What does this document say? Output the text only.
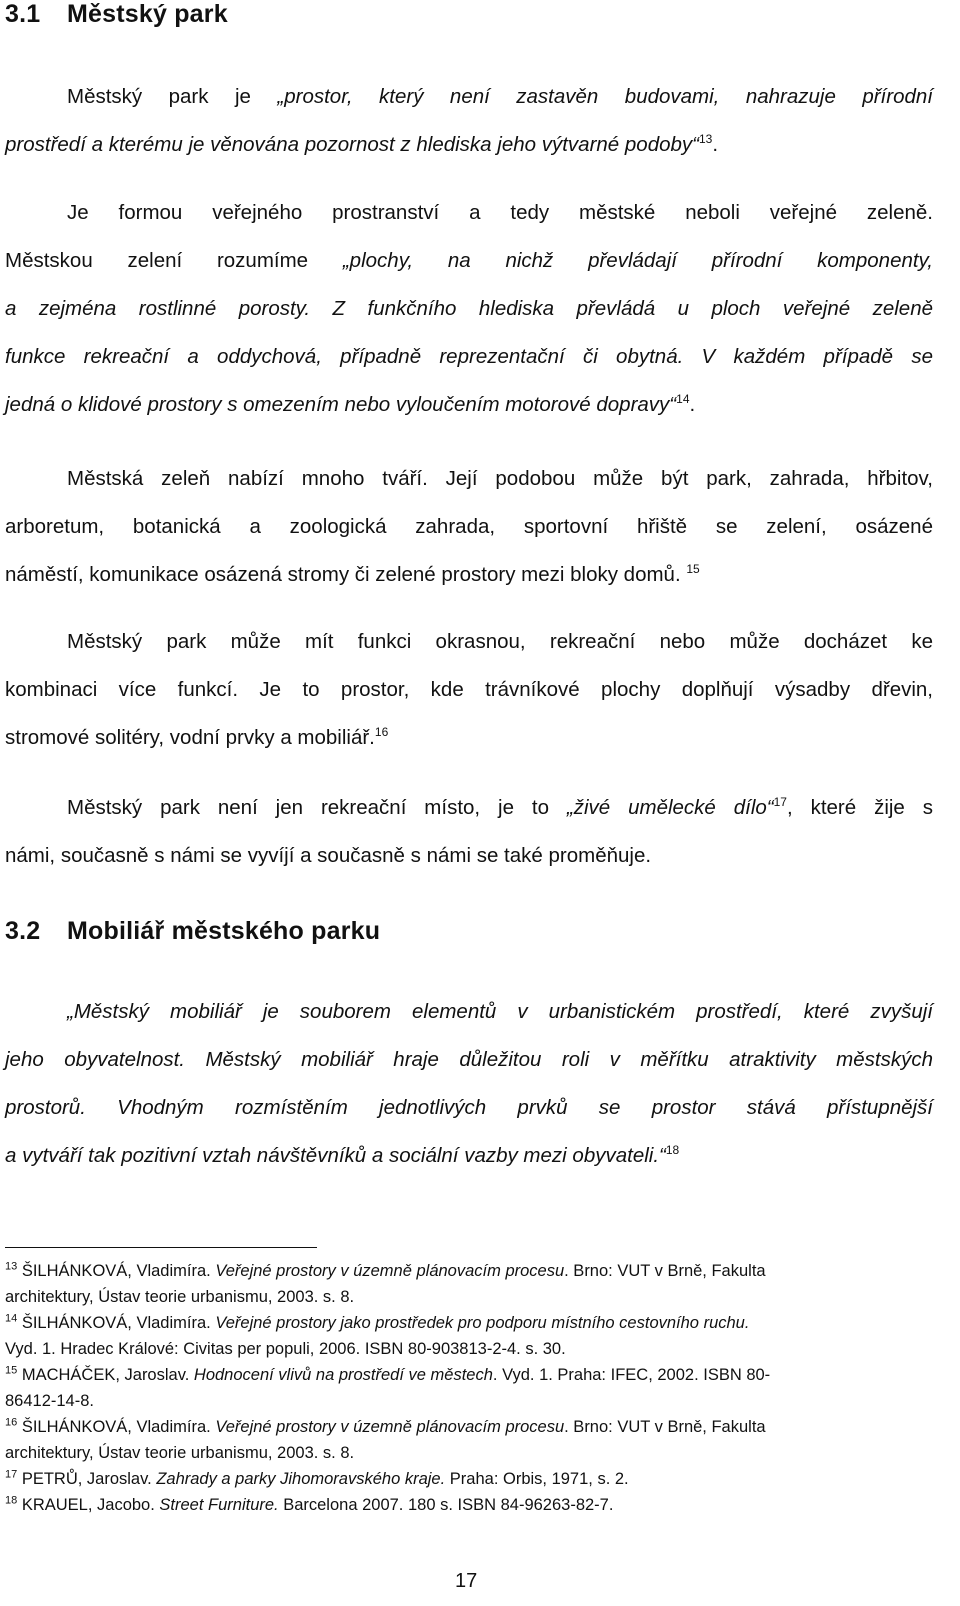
3.1 Městský park
Městský park je „prostor, který není zastavěn budovami, nahrazuje přírodní
prostředí a kterému je věnována pozornost z hlediska jeho výtvarné podoby“$^{13}$.
Je formou veřejného prostranství a tedy městské neboli veřejné zeleně.
Městskou zelení rozumíme „plochy, na nichž převládají přírodní komponenty,
a zejména rostlinné porosty. Z funkčního hlediska převládá u ploch veřejné zeleně
funkce rekreační a oddychová, případně reprezentační či obytná. V každém případě se
jedná o klidové prostory s omezením nebo vyloučením motorové dopravy“$^{14}$.
Městská zeleň nabízí mnoho tváří. Její podobou může být park, zahrada, hřbitov,
arboretum, botanická a zoologická zahrada, sportovní hřiště se zelení, osázené
náměstí, komunikace osázená stromy či zelené prostory mezi bloky domů. $^{15}$
Městský park může mít funkci okrasnou, rekreační nebo může docházet ke
kombinaci více funkcí. Je to prostor, kde trávníkové plochy doplňují výsadby dřevin,
stromové solitéry, vodní prvky a mobiliář.$^{16}$
Městský park není jen rekreační místo, je to „živé umělecké dílo“$^{17}$, které žije s
námi, současně s námi se vyvíjí a současně s námi se také proměňuje.
3.2 Mobiliář městského parku
„Městský mobiliář je souborem elementů v urbanistickém prostředí, které zvyšují
jeho obyvatelnost. Městský mobiliář hraje důležitou roli v měřítku atraktivity městských
prostorů. Vhodným rozmístěním jednotlivých prvků se prostor stává přístupnější
a vytváří tak pozitivní vztah návštěvníků a sociální vazby mezi obyvateli.“$^{18}$
$^{13}$ ŠILHÁNKOVÁ, Vladimíra. Veřejné prostory v územně plánovacím procesu. Brno: VUT v Brně, Fakulta
architektury, Ústav teorie urbanismu, 2003. s. 8.
$^{14}$ ŠILHÁNKOVÁ, Vladimíra. Veřejné prostory jako prostředek pro podporu místního cestovního ruchu.
Vyd. 1. Hradec Králové: Civitas per populi, 2006. ISBN 80-903813-2-4. s. 30.
$^{15}$ MACHÁČEK, Jaroslav. Hodnocení vlivů na prostředí ve městech. Vyd. 1. Praha: IFEC, 2002. ISBN 80-
86412-14-8.
$^{16}$ ŠILHÁNKOVÁ, Vladimíra. Veřejné prostory v územně plánovacím procesu. Brno: VUT v Brně, Fakulta
architektury, Ústav teorie urbanismu, 2003. s. 8.
$^{17}$ PETRŮ, Jaroslav. Zahrady a parky Jihomoravského kraje. Praha: Orbis, 1971, s. 2.
$^{18}$ KRAUEL, Jacobo. Street Furniture. Barcelona 2007. 180 s. ISBN 84-96263-82-7.
17
